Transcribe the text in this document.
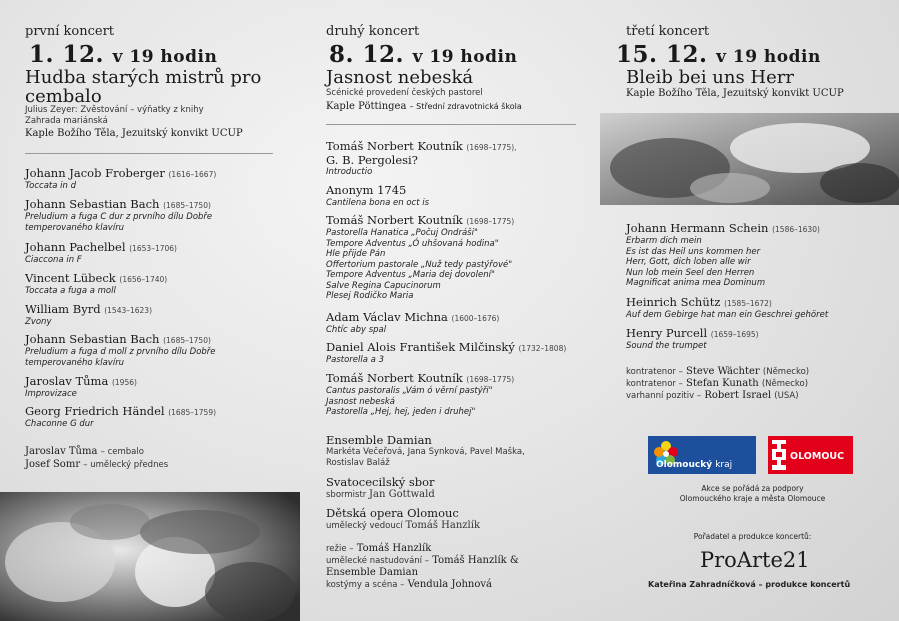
první koncert
1. 12. v 19 hodin
Hudba starých mistrů pro cembalo
Julius Zeyer: Zvěstování – výňatky z knihy Zahrada mariánská
Kaple Božího Těla, Jezuitský konvikt UCUP
Johann Jacob Froberger (1616–1667)
Toccata in d
Johann Sebastian Bach (1685–1750)
Preludium a fuga C dur z prvního dílu Dobře temperovaného klavíru
Johann Pachelbel (1653–1706)
Ciaccona in F
Vincent Lübeck (1656–1740)
Toccata a fuga a moll
William Byrd (1543–1623)
Zvony
Johann Sebastian Bach (1685–1750)
Preludium a fuga d moll z prvního dílu Dobře temperovaného klavíru
Jaroslav Tůma (1956)
Improvizace
Georg Friedrich Händel (1685–1759)
Chaconne G dur
Jaroslav Tůma – cembalo
Josef Somr – umělecký přednes
druhý koncert
8. 12. v 19 hodin
Jasnost nebeská
Scénické provedení českých pastorel
Kaple Pöttingea – Střední zdravotnická škola
Tomáš Norbert Koutník (1698–1775),
G. B. Pergolesi?
Introductio
Anonym 1745
Cantilena bona en oct is
Tomáš Norbert Koutník (1698–1775)
Pastorella Hanatica „Počuj Ondráši"
Tempore Adventus „Ó uhšovaná hodina"
Hle přijde Pán
Offertorium pastorale „Nuž tedy pastýřové"
Tempore Adventus „Maria dej dovolení"
Salve Regina Capucinorum
Plesej Rodičko Maria
Adam Václav Michna (1600–1676)
Chtíc aby spal
Daniel Alois František Milčinský (1732–1808)
Pastorella a 3
Tomáš Norbert Koutník (1698–1775)
Cantus pastoralis „Vám ó věrní pastýři"
Jasnost nebeská
Pastorella „Hej, hej, jeden i druhej"
Ensemble Damian
Markéta Večeřová, Jana Synková, Pavel Maška, Rostislav Baláž
Svatocecilský sbor
sbormistr Jan Gottwald
Dětská opera Olomouc
umělecký vedoucí Tomáš Hanzlík
režie – Tomáš Hanzlík
umělecké nastudování – Tomáš Hanzlík & Ensemble Damian
kostýmy a scéna – Vendula Johnová
třetí koncert
15. 12. v 19 hodin
Bleib bei uns Herr
Kaple Božího Těla, Jezuitský konvikt UCUP
Johann Hermann Schein (1586–1630)
Erbarm dich mein
Es ist das Heil uns kommen her
Herr, Gott, dich loben alle wir
Nun lob mein Seel den Herren
Magnificat anima mea Dominum
Heinrich Schütz (1585–1672)
Auf dem Gebirge hat man ein Geschrei gehöret
Henry Purcell (1659–1695)
Sound the trumpet
kontratenor – Steve Wächter (Německo)
kontratenor – Stefan Kunath (Německo)
varhanní pozitiv – Robert Israel (USA)
Olomoucký kraj
OLOMOUC
Akce se pořádá za podpory
Olomouckého kraje a města Olomouce
Pořadatel a produkce koncertů:
ProArte21
Kateřina Zahradníčková – produkce koncertů
